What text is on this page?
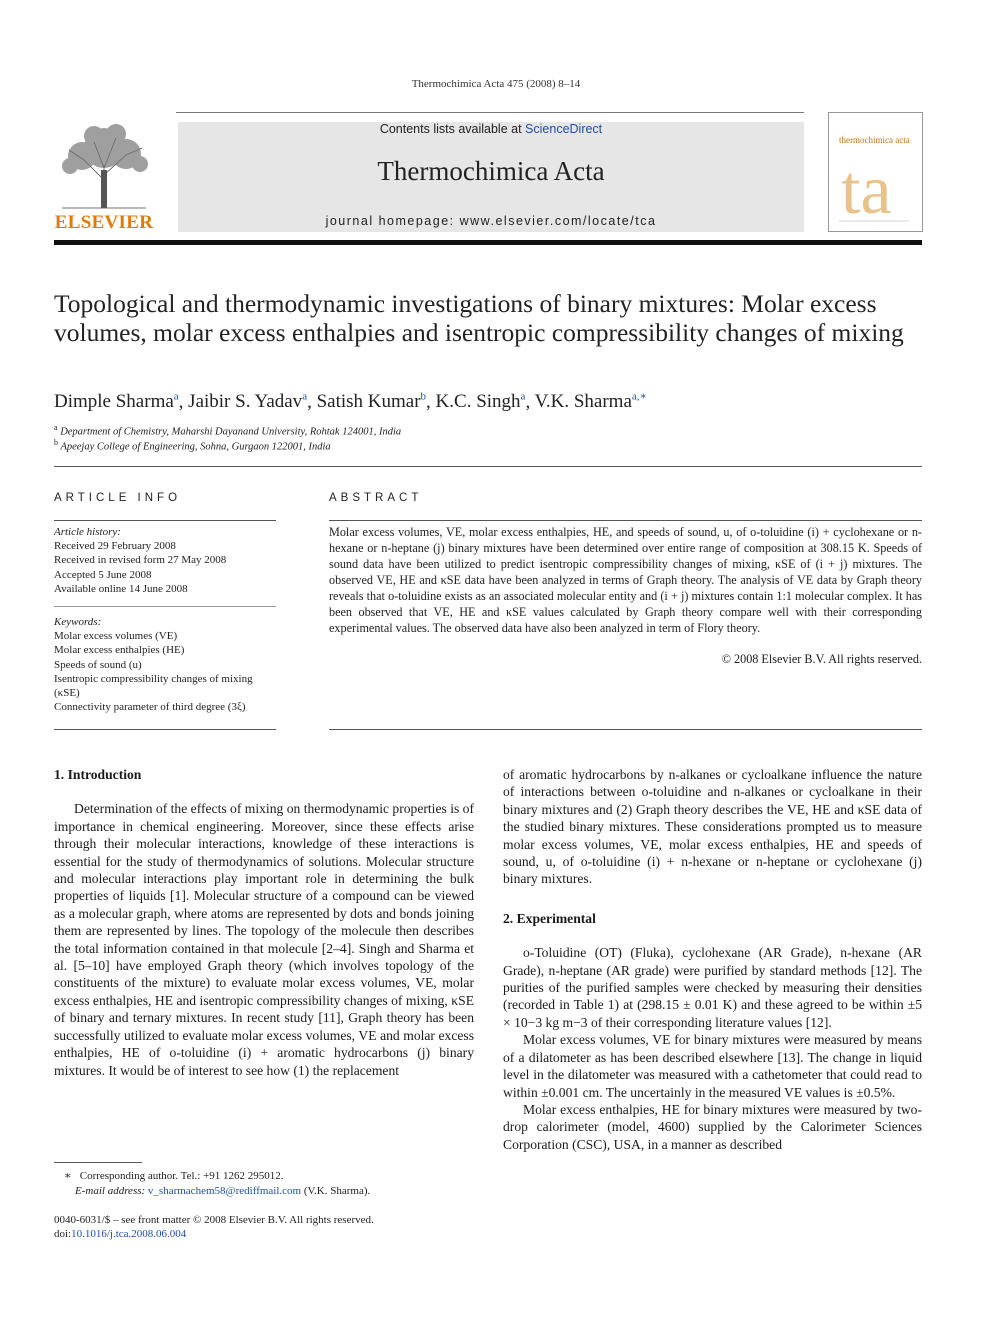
Thermochimica Acta 475 (2008) 8–14
ELSEVIER
Contents lists available at ScienceDirect
Thermochimica Acta
journal homepage: www.elsevier.com/locate/tca
thermochimica acta
ta
Topological and thermodynamic investigations of binary mixtures: Molar excess volumes, molar excess enthalpies and isentropic compressibility changes of mixing
Dimple Sharma$^a$, Jaibir S. Yadav$^a$, Satish Kumar$^b$, K.C. Singh$^a$, V.K. Sharma$^{a,∗}$
$^a$ Department of Chemistry, Maharshi Dayanand University, Rohtak 124001, India
$^b$ Apeejay College of Engineering, Sohna, Gurgaon 122001, India
ARTICLE INFO
Article history:
Received 29 February 2008
Received in revised form 27 May 2008
Accepted 5 June 2008
Available online 14 June 2008
Keywords:
Molar excess volumes (VE)
Molar excess enthalpies (HE)
Speeds of sound (u)
Isentropic compressibility changes of mixing (κSE)
Connectivity parameter of third degree (3ξ)
ABSTRACT
Molar excess volumes, VE, molar excess enthalpies, HE, and speeds of sound, u, of o-toluidine (i) + cyclohexane or n-hexane or n-heptane (j) binary mixtures have been determined over entire range of composition at 308.15 K. Speeds of sound data have been utilized to predict isentropic compressibility changes of mixing, κSE of (i + j) mixtures. The observed VE, HE and κSE data have been analyzed in terms of Graph theory. The analysis of VE data by Graph theory reveals that o-toluidine exists as an associated molecular entity and (i + j) mixtures contain 1:1 molecular complex. It has been observed that VE, HE and κSE values calculated by Graph theory compare well with their corresponding experimental values. The observed data have also been analyzed in term of Flory theory.
© 2008 Elsevier B.V. All rights reserved.

1. Introduction

Determination of the effects of mixing on thermodynamic properties is of importance in chemical engineering. Moreover, since these effects arise through their molecular interactions, knowledge of these interactions is essential for the study of thermodynamics of solutions. Molecular structure and molecular interactions play important role in determining the bulk properties of liquids [1]. Molecular structure of a compound can be viewed as a molecular graph, where atoms are represented by dots and bonds joining them are represented by lines. The topology of the molecule then describes the total information contained in that molecule [2–4]. Singh and Sharma et al. [5–10] have employed Graph theory (which involves topology of the constituents of the mixture) to evaluate molar excess volumes, VE, molar excess enthalpies, HE and isentropic compressibility changes of mixing, κSE of binary and ternary mixtures. In recent study [11], Graph theory has been successfully utilized to evaluate molar excess volumes, VE and molar excess enthalpies, HE of o-toluidine (i) + aromatic hydrocarbons (j) binary mixtures. It would be of interest to see how (1) the replacement

of aromatic hydrocarbons by n-alkanes or cycloalkane influence the nature of interactions between o-toluidine and n-alkanes or cycloalkane in their binary mixtures and (2) Graph theory describes the VE, HE and κSE data of the studied binary mixtures. These considerations prompted us to measure molar excess volumes, VE, molar excess enthalpies, HE and speeds of sound, u, of o-toluidine (i) + n-hexane or n-heptane or cyclohexane (j) binary mixtures.

2. Experimental

o-Toluidine (OT) (Fluka), cyclohexane (AR Grade), n-hexane (AR Grade), n-heptane (AR grade) were purified by standard methods [12]. The purities of the purified samples were checked by measuring their densities (recorded in Table 1) at (298.15 ± 0.01 K) and these agreed to be within ±5 × 10−3 kg m−3 of their corresponding literature values [12].

Molar excess volumes, VE for binary mixtures were measured by means of a dilatometer as has been described elsewhere [13]. The change in liquid level in the dilatometer was measured with a cathetometer that could read to within ±0.001 cm. The uncertainly in the measured VE values is ±0.5%.

Molar excess enthalpies, HE for binary mixtures were measured by two-drop calorimeter (model, 4600) supplied by the Calorimeter Sciences Corporation (CSC), USA, in a manner as described

∗ Corresponding author. Tel.: +91 1262 295012.
E-mail address: v_sharmachem58@rediffmail.com (V.K. Sharma).
0040-6031/$ – see front matter © 2008 Elsevier B.V. All rights reserved.
doi:10.1016/j.tca.2008.06.004
